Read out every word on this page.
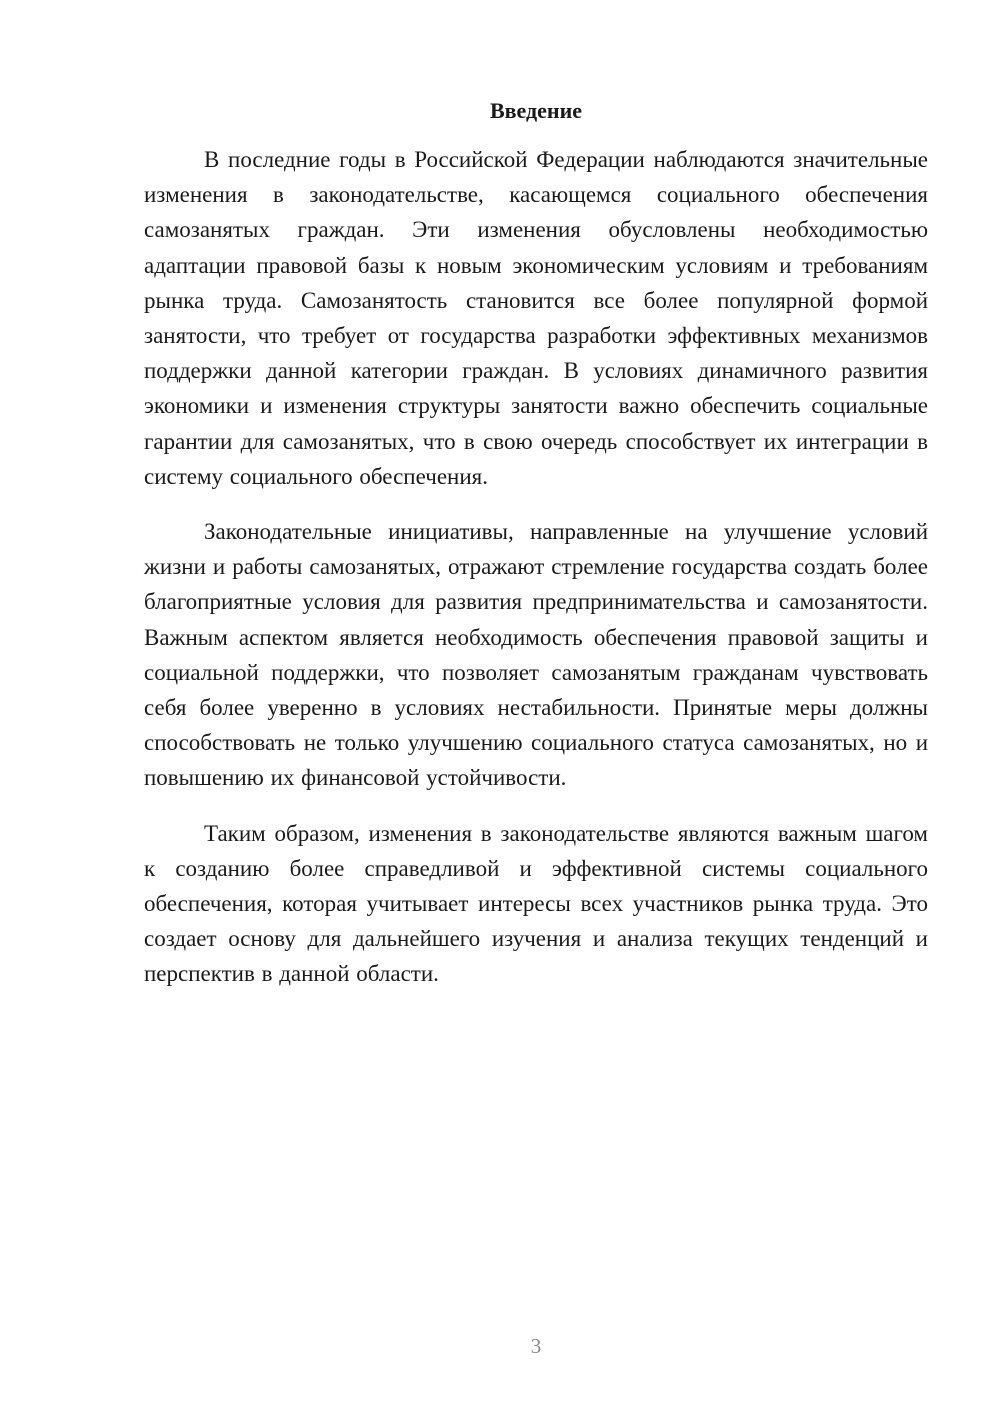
Введение

В последние годы в Российской Федерации наблюдаются значительные изменения в законодательстве, касающемся социального обеспечения самозанятых граждан. Эти изменения обусловлены необходимостью адаптации правовой базы к новым экономическим условиям и требованиям рынка труда. Самозанятость становится все более популярной формой занятости, что требует от государства разработки эффективных механизмов поддержки данной категории граждан. В условиях динамичного развития экономики и изменения структуры занятости важно обеспечить социальные гарантии для самозанятых, что в свою очередь способствует их интеграции в систему социального обеспечения.

Законодательные инициативы, направленные на улучшение условий жизни и работы самозанятых, отражают стремление государства создать более благоприятные условия для развития предпринимательства и самозанятости. Важным аспектом является необходимость обеспечения правовой защиты и социальной поддержки, что позволяет самозанятым гражданам чувствовать себя более уверенно в условиях нестабильности. Принятые меры должны способствовать не только улучшению социального статуса самозанятых, но и повышению их финансовой устойчивости.

Таким образом, изменения в законодательстве являются важным шагом к созданию более справедливой и эффективной системы социального обеспечения, которая учитывает интересы всех участников рынка труда. Это создает основу для дальнейшего изучения и анализа текущих тенденций и перспектив в данной области.

3
